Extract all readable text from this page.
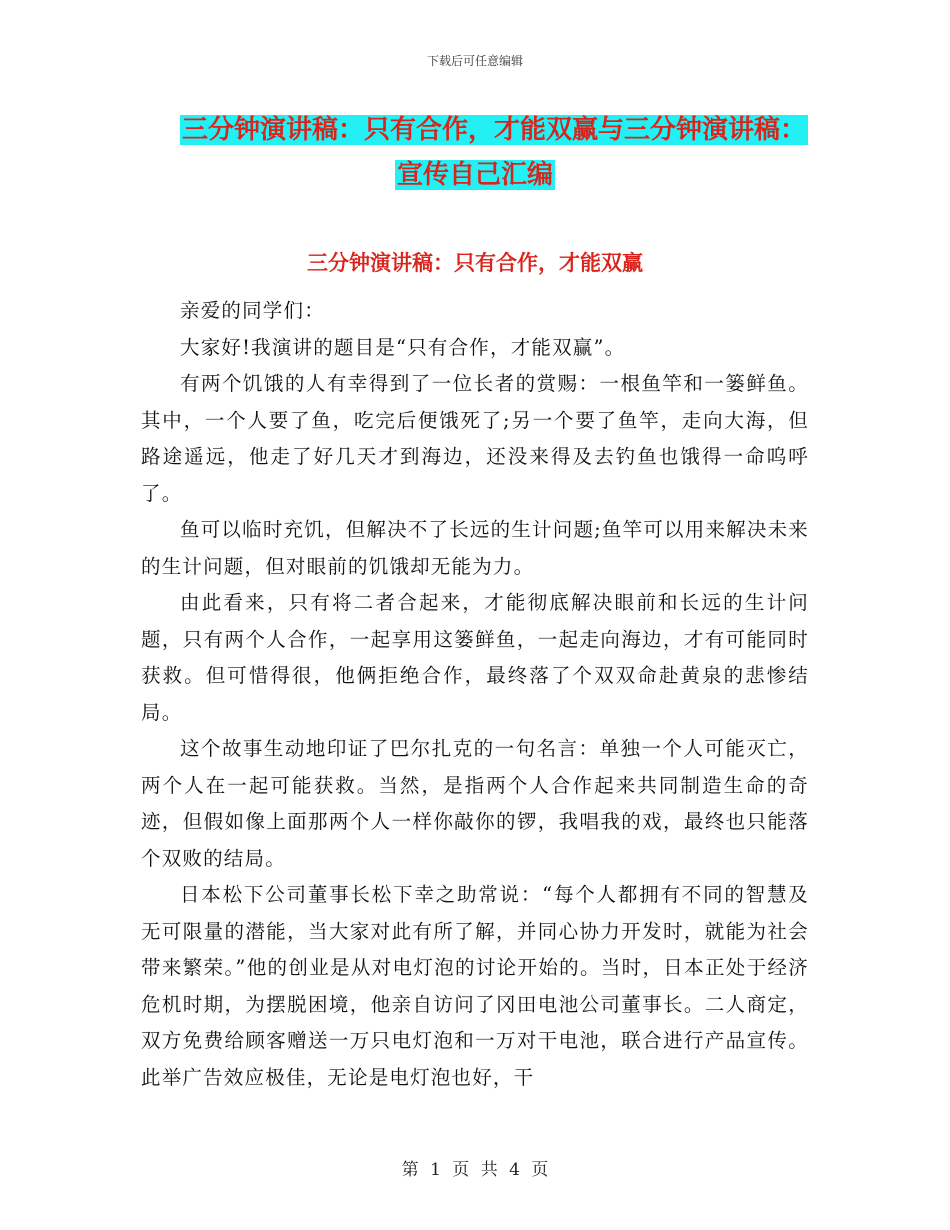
下载后可任意编辑
三分钟演讲稿：只有合作，才能双赢与三分钟演讲稿：
宣传自己汇编
三分钟演讲稿：只有合作，才能双赢

亲爱的同学们：

大家好!我演讲的题目是“只有合作，才能双赢”。

有两个饥饿的人有幸得到了一位长者的赏赐：一根鱼竿和一篓鲜鱼。其中，一个人要了鱼，吃完后便饿死了;另一个要了鱼竿，走向大海，但路途遥远，他走了好几天才到海边，还没来得及去钓鱼也饿得一命呜呼了。

鱼可以临时充饥，但解决不了长远的生计问题;鱼竿可以用来解决未来的生计问题，但对眼前的饥饿却无能为力。

由此看来，只有将二者合起来，才能彻底解决眼前和长远的生计问题，只有两个人合作，一起享用这篓鲜鱼，一起走向海边，才有可能同时获救。但可惜得很，他俩拒绝合作，最终落了个双双命赴黄泉的悲惨结局。

这个故事生动地印证了巴尔扎克的一句名言：单独一个人可能灭亡，两个人在一起可能获救。当然，是指两个人合作起来共同制造生命的奇迹，但假如像上面那两个人一样你敲你的锣，我唱我的戏，最终也只能落个双败的结局。

日本松下公司董事长松下幸之助常说：“每个人都拥有不同的智慧及无可限量的潜能，当大家对此有所了解，并同心协力开发时，就能为社会带来繁荣。”他的创业是从对电灯泡的讨论开始的。当时，日本正处于经济危机时期，为摆脱困境，他亲自访问了冈田电池公司董事长。二人商定，双方免费给顾客赠送一万只电灯泡和一万对干电池，联合进行产品宣传。此举广告效应极佳，无论是电灯泡也好，干

第 1 页 共 4 页
